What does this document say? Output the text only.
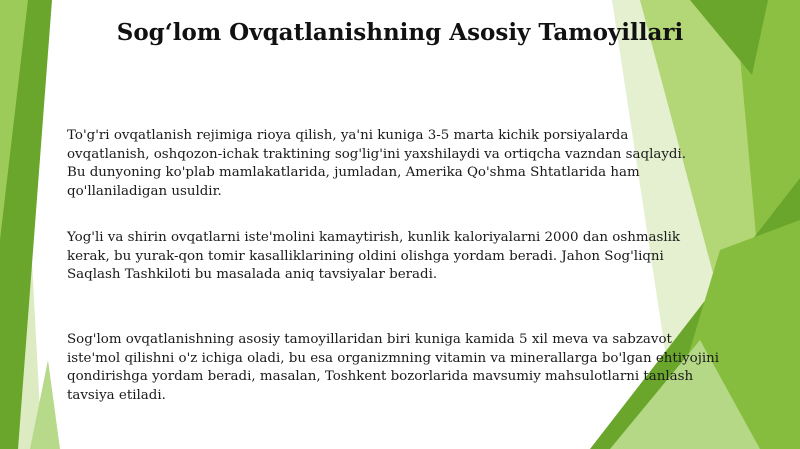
Sog‘lom Ovqatlanishning Asosiy Tamoyillari

To'g'ri ovqatlanish rejimiga rioya qilish, ya'ni kuniga 3-5 marta kichik porsiyalarda
ovqatlanish, oshqozon-ichak traktining sog'lig'ini yaxshilaydi va ortiqcha vazndan saqlaydi.
Bu dunyoning ko'plab mamlakatlarida, jumladan, Amerika Qo'shma Shtatlarida ham
qo'llaniladigan usuldir.

Yog'li va shirin ovqatlarni iste'molini kamaytirish, kunlik kaloriyalarni 2000 dan oshmaslik
kerak, bu yurak-qon tomir kasalliklarining oldini olishga yordam beradi. Jahon Sog'liqni
Saqlash Tashkiloti bu masalada aniq tavsiyalar beradi.

Sog'lom ovqatlanishning asosiy tamoyillaridan biri kuniga kamida 5 xil meva va sabzavot
iste'mol qilishni o'z ichiga oladi, bu esa organizmning vitamin va minerallarga bo'lgan ehtiyojini
qondirishga yordam beradi, masalan, Toshkent bozorlarida mavsumiy mahsulotlarni tanlash
tavsiya etiladi.
